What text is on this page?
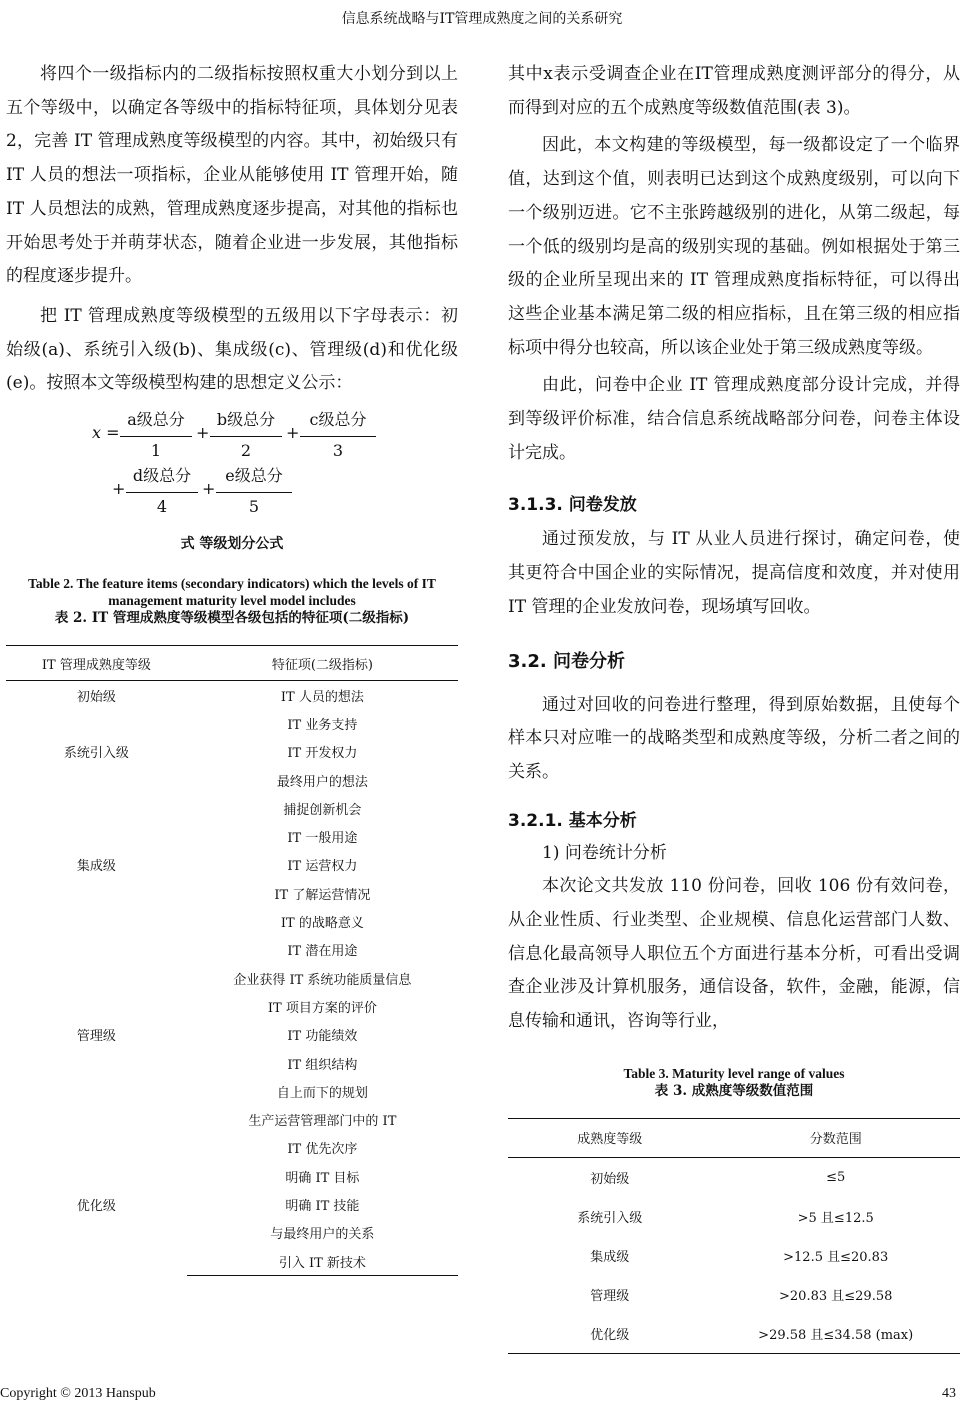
信息系统战略与IT管理成熟度之间的关系研究

将四个一级指标内的二级指标按照权重大小划分到以上五个等级中，以确定各等级中的指标特征项，具体划分见表 2，完善 IT 管理成熟度等级模型的内容。其中，初始级只有 IT 人员的想法一项指标，企业从能够使用 IT 管理开始，随 IT 人员想法的成熟，管理成熟度逐步提高，对其他的指标也开始思考处于并萌芽状态，随着企业进一步发展，其他指标的程度逐步提升。

把 IT 管理成熟度等级模型的五级用以下字母表示：初始级(a)、系统引入级(b)、集成级(c)、管理级(d)和优化级(e)。按照本文等级模型构建的思想定义公示：

x =
a级总分
1
+
b级总分
2
+
c级总分
3
+
d级总分
4
+
e级总分
5
式 等级划分公式
Table 2. The feature items (secondary indicators) which the levels of IT management maturity level model includes
表 2. IT 管理成熟度等级模型各级包括的特征项(二级指标)
IT 管理成熟度等级	特征项(二级指标)
初始级	IT 人员的想法
系统引入级	IT 业务支持
	IT 开发权力
	最终用户的想法
集成级	捕捉创新机会
	IT 一般用途
	IT 运营权力
	IT 了解运营情况
	IT 的战略意义
管理级	IT 潜在用途
	企业获得 IT 系统功能质量信息
	IT 项目方案的评价
	IT 功能绩效
	IT 组织结构
	自上而下的规划
	生产运营管理部门中的 IT
优化级	IT 优先次序
	明确 IT 目标
	明确 IT 技能
	与最终用户的关系
	引入 IT 新技术

其中x表示受调查企业在IT管理成熟度测评部分的得分，从而得到对应的五个成熟度等级数值范围(表 3)。

因此，本文构建的等级模型，每一级都设定了一个临界值，达到这个值，则表明已达到这个成熟度级别，可以向下一个级别迈进。它不主张跨越级别的进化，从第二级起，每一个低的级别均是高的级别实现的基础。例如根据处于第三级的企业所呈现出来的 IT 管理成熟度指标特征，可以得出这些企业基本满足第二级的相应指标，且在第三级的相应指标项中得分也较高，所以该企业处于第三级成熟度等级。

由此，问卷中企业 IT 管理成熟度部分设计完成，并得到等级评价标准，结合信息系统战略部分问卷，问卷主体设计完成。

3.1.3. 问卷发放

通过预发放，与 IT 从业人员进行探讨，确定问卷，使其更符合中国企业的实际情况，提高信度和效度，并对使用 IT 管理的企业发放问卷，现场填写回收。

3.2. 问卷分析

通过对回收的问卷进行整理，得到原始数据，且使每个样本只对应唯一的战略类型和成熟度等级，分析二者之间的关系。

3.2.1. 基本分析

1) 问卷统计分析

本次论文共发放 110 份问卷，回收 106 份有效问卷，从企业性质、行业类型、企业规模、信息化运营部门人数、信息化最高领导人职位五个方面进行基本分析，可看出受调查企业涉及计算机服务，通信设备，软件，金融，能源，信息传输和通讯，咨询等行业，

Table 3. Maturity level range of values
表 3. 成熟度等级数值范围
成熟度等级	分数范围
初始级	≤5
系统引入级	>5 且≤12.5
集成级	>12.5 且≤20.83
管理级	>20.83 且≤29.58
优化级	>29.58 且≤34.58 (max)
Copyright © 2013 Hanspub	43
